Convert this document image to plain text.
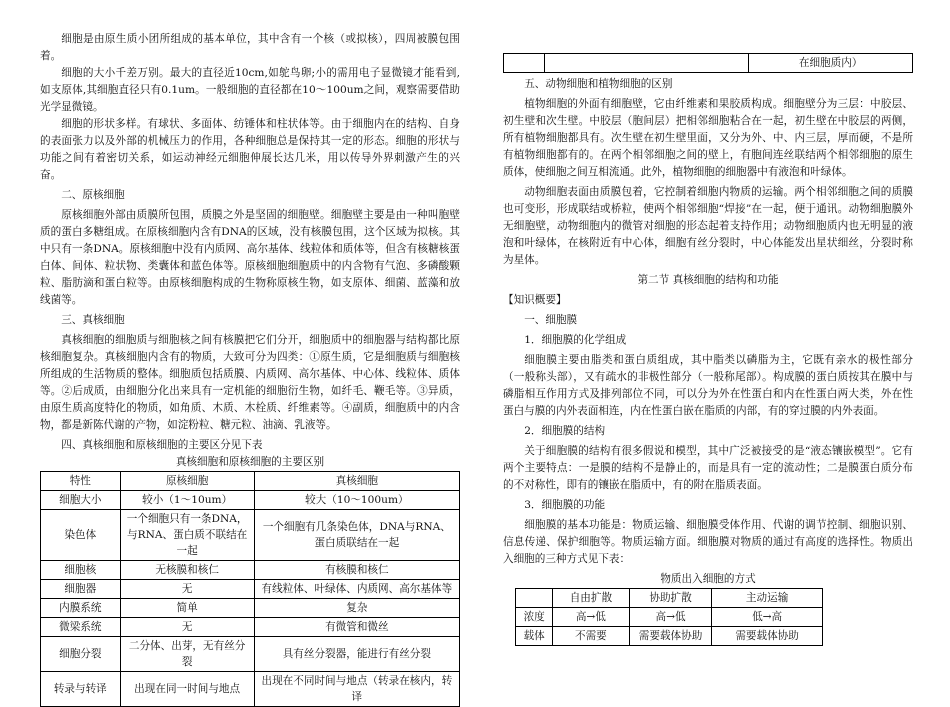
细胞是由原生质小团所组成的基本单位，其中含有一个核（或拟核），四周被膜包围着。

细胞的大小千差万别。最大的直径近10cm,如鸵鸟卵;小的需用电子显微镜才能看到,如支原体,其细胞直径只有0.1um。一般细胞的直径都在10～100um之间，观察需要借助光学显微镜。

细胞的形状多样。有球状、多面体、纺锤体和柱状体等。由于细胞内在的结构、自身的表面张力以及外部的机械压力的作用，各种细胞总是保持其一定的形态。细胞的形状与功能之间有着密切关系，如运动神经元细胞伸展长达几米，用以传导外界刺激产生的兴奋。

二、原核细胞

原核细胞外部由质膜所包围，质膜之外是坚固的细胞壁。细胞壁主要是由一种叫胞壁质的蛋白多糖组成。在原核细胞内含有DNA的区域，没有核膜包围，这个区域为拟核。其中只有一条DNA。原核细胞中没有内质网、高尔基体、线粒体和质体等，但含有核糖核蛋白体、间体、粒状物、类囊体和蓝色体等。原核细胞细胞质中的内含物有气泡、多磷酸颗粒、脂肪滴和蛋白粒等。由原核细胞构成的生物称原核生物，如支原体、细菌、蓝藻和放线菌等。

三、真核细胞

真核细胞的细胞质与细胞核之间有核膜把它们分开，细胞质中的细胞器与结构都比原核细胞复杂。真核细胞内含有的物质，大致可分为四类：①原生质，它是细胞质与细胞核所组成的生活物质的整体。细胞质包括质膜、内质网、高尔基体、中心体、线粒体、质体等。②后成质，由细胞分化出来具有一定机能的细胞衍生物，如纤毛、鞭毛等。③异质，由原生质高度特化的物质，如角质、木质、木栓质、纤维素等。④副质，细胞质中的内含物，都是新陈代谢的产物，如淀粉粒、糖元粒、油滴、乳液等。

四、真核细胞和原核细胞的主要区分见下表
真核细胞和原核细胞的主要区别
特性	原核细胞	真核细胞
细胞大小	较小（1～10um）	较大（10～100um）
染色体	一个细胞只有一条DNA，与RNA、蛋白质不联结在一起	一个细胞有几条染色体，DNA与RNA、蛋白质联结在一起
细胞核	无核膜和核仁	有核膜和核仁
细胞器	无	有线粒体、叶绿体、内质网、高尔基体等
内膜系统	简单	复杂
微梁系统	无	有微管和微丝
细胞分裂	二分体、出芽，无有丝分裂	具有丝分裂器，能进行有丝分裂
转录与转译	出现在同一时间与地点	出现在不同时间与地点（转录在核内，转译
		在细胞质内）
五、动物细胞和植物细胞的区别

植物细胞的外面有细胞壁，它由纤维素和果胶质构成。细胞壁分为三层：中胶层、初生壁和次生壁。中胶层（胞间层）把相邻细胞粘合在一起，初生壁在中胶层的两侧，所有植物细胞都具有。次生壁在初生壁里面，又分为外、中、内三层，厚而硬，不是所有植物细胞都有的。在两个相邻细胞之间的壁上，有胞间连丝联结两个相邻细胞的原生质体，使细胞之间互相流通。此外，植物细胞的细胞器中有液泡和叶绿体。

动物细胞表面由质膜包着，它控制着细胞内物质的运输。两个相邻细胞之间的质膜也可变形，形成联结或桥粒，使两个相邻细胞“焊接”在一起，便于通讯。动物细胞膜外无细胞壁，动物细胞内的微管对细胞的形态起着支持作用；动物细胞质内也无明显的液泡和叶绿体，在核附近有中心体，细胞有丝分裂时，中心体能发出星状细丝，分裂时称为星体。

第二节 真核细胞的结构和功能
【知识概要】
一、细胞膜
1．细胞膜的化学组成

细胞膜主要由脂类和蛋白质组成，其中脂类以磷脂为主，它既有亲水的极性部分（一般称头部），又有疏水的非极性部分（一般称尾部）。构成膜的蛋白质按其在膜中与磷脂相互作用方式及排列部位不同，可以分为外在性蛋白和内在性蛋白两大类，外在性蛋白与膜的内外表面相连，内在性蛋白嵌在脂质的内部，有的穿过膜的内外表面。

2．细胞膜的结构

关于细胞膜的结构有很多假说和模型，其中广泛被接受的是“液态镶嵌模型”。它有两个主要特点：一是膜的结构不是静止的，而是具有一定的流动性；二是膜蛋白质分布的不对称性，即有的镶嵌在脂质中，有的附在脂质表面。

3．细胞膜的功能

细胞膜的基本功能是：物质运输、细胞膜受体作用、代谢的调节控制、细胞识别、信息传递、保护细胞等。物质运输方面。细胞膜对物质的通过有高度的选择性。物质出入细胞的三种方式见下表：

物质出入细胞的方式
	自由扩散	协助扩散	主动运输
浓度	高→低	高→低	低→高
载体	不需要	需要载体协助	需要载体协助
